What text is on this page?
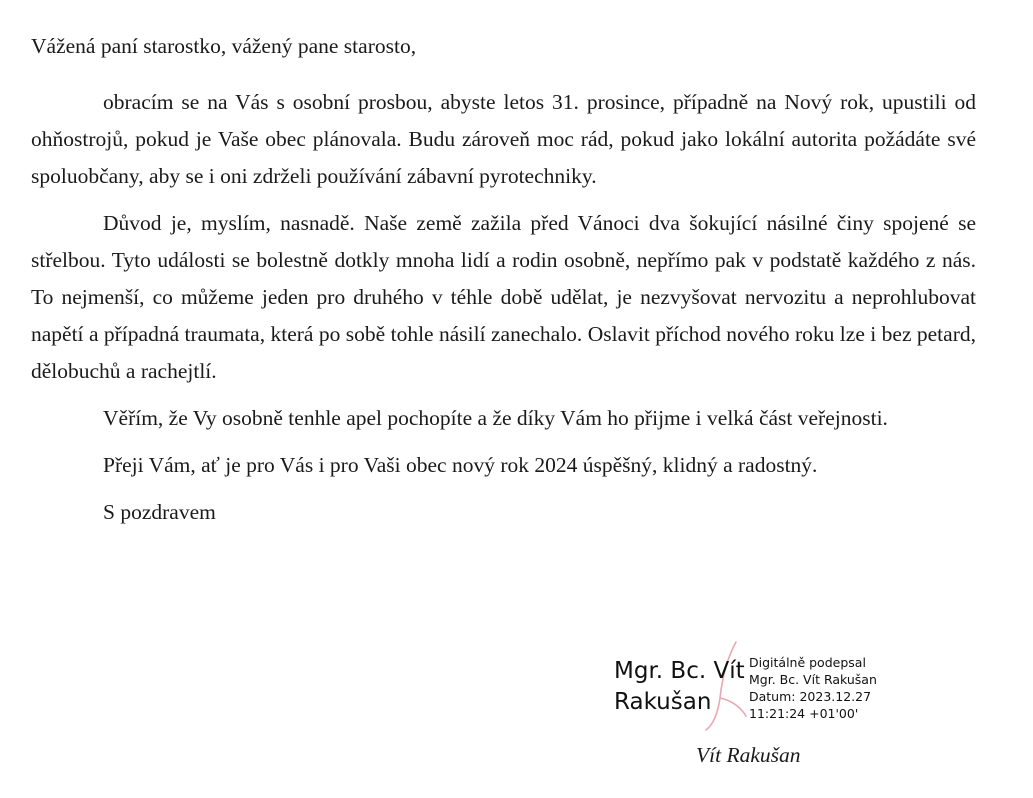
Vážená paní starostko, vážený pane starosto,

obracím se na Vás s osobní prosbou, abyste letos 31. prosince, případně na Nový rok, upustili od ohňostrojů, pokud je Vaše obec plánovala. Budu zároveň moc rád, pokud jako lokální autorita požádáte své spoluobčany, aby se i oni zdrželi používání zábavní pyrotechniky.

Důvod je, myslím, nasnadě. Naše země zažila před Vánoci dva šokující násilné činy spojené se střelbou. Tyto události se bolestně dotkly mnoha lidí a rodin osobně, nepřímo pak v podstatě každého z nás. To nejmenší, co můžeme jeden pro druhého v téhle době udělat, je nezvyšovat nervozitu a neprohlubovat napětí a případná traumata, která po sobě tohle násilí zanechalo. Oslavit příchod nového roku lze i bez petard, dělobuchů a rachejtlí.

Věřím, že Vy osobně tenhle apel pochopíte a že díky Vám ho přijme i velká část veřejnosti.

Přeji Vám, ať je pro Vás i pro Vaši obec nový rok 2024 úspěšný, klidný a radostný.

S pozdravem

Mgr. Bc. Vít
Rakušan
Digitálně podepsal
Mgr. Bc. Vít Rakušan
Datum: 2023.12.27
11:21:24 +01'00'
Vít Rakušan
